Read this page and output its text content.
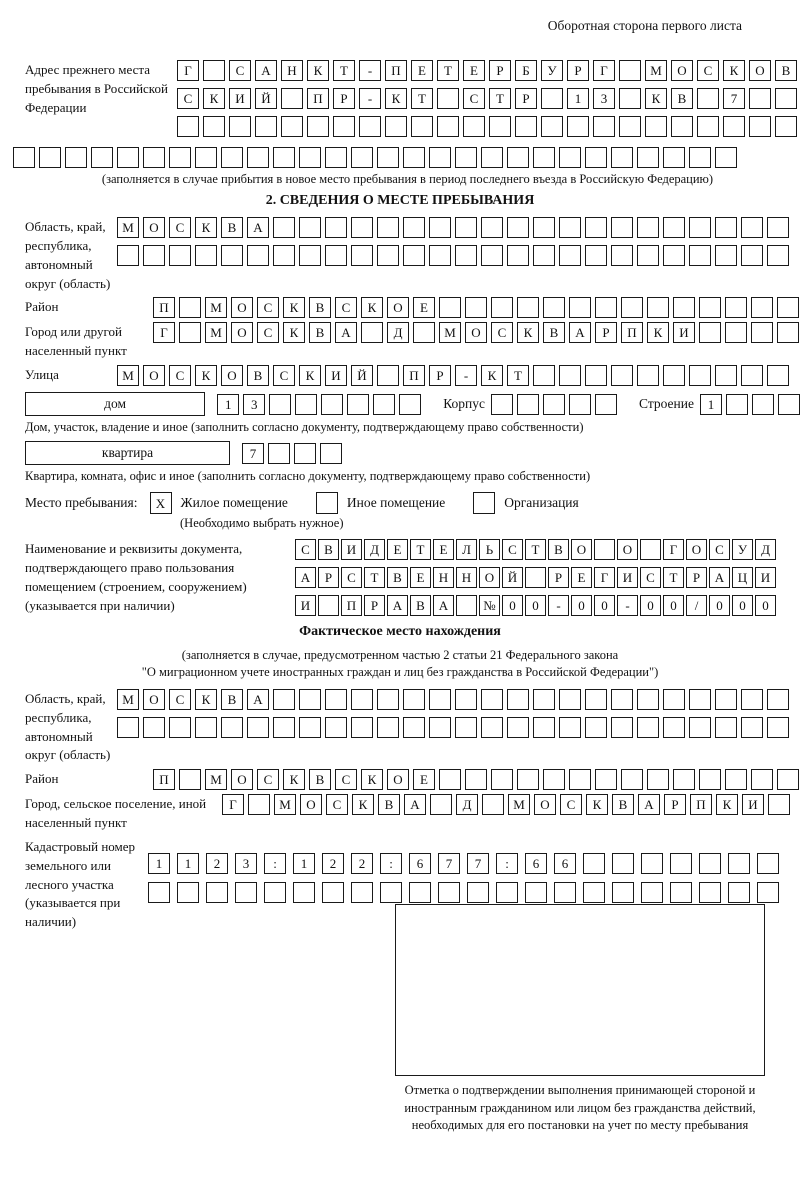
Оборотная сторона первого листа
Адрес прежнего места пребывания в Российской Федерации
Г	С	А	Н	К	Т	-	П	Е	Т	Е	Р	Б	У	Р	Г	М	О	С	К	О	В
С	К	И	Й	П	Р	-	К	Т	С	Т	Р	1	3	К	В	7
(заполняется в случае прибытия в новое место пребывания в период последнего въезда в Российскую Федерацию)
2. СВЕДЕНИЯ О МЕСТЕ ПРЕБЫВАНИЯ
Область, край, республика, автономный округ (область)
М	О	С	К	В	А
Район	П	М	О	С	К	В	С	К	О	Е
Город или другой населенный пункт
Г	М	О	С	К	В	А	Д	М	О	С	К	В	А	Р	П	К	И
Улица	М	О	С	К	О	В	С	К	И	Й	П	Р	-	К	Т
дом	1	3	Корпус	Строение	1
Дом, участок, владение и иное (заполнить согласно документу, подтверждающему право собственности)
квартира	7
Квартира, комната, офис и иное (заполнить согласно документу, подтверждающему право собственности)
Место пребывания:	X	Жилое помещение	Иное помещение	Организация
(Необходимо выбрать нужное)
Наименование и реквизиты документа, подтверждающего право пользования помещением (строением, сооружением) (указывается при наличии)
С	В	И	Д	Е	Т	Е	Л	Ь	С	Т	В	О	О	Г	О	С	У	Д
А	Р	С	Т	В	Е	Н	Н	О	Й	Р	Е	Г	И	С	Т	Р	А	Ц	И
И	П	Р	А	В	А	№	0	0	-	0	0	-	0	0	/	0	0	0
Фактическое место нахождения
(заполняется в случае, предусмотренном частью 2 статьи 21 Федерального закона
"О миграционном учете иностранных граждан и лиц без гражданства в Российской Федерации")
Область, край, республика, автономный округ (область)
М	О	С	К	В	А
Район	П	М	О	С	К	В	С	К	О	Е
Город, сельское поселение, иной населенный пункт
Г	М	О	С	К	В	А	Д	М	О	С	К	В	А	Р	П	К	И
Кадастровый номер земельного или лесного участка (указывается при наличии)
1	1	2	3	:	1	2	2	:	6	7	7	:	6	6
Отметка о подтверждении выполнения принимающей стороной и иностранным гражданином или лицом без гражданства действий, необходимых для его постановки на учет по месту пребывания
